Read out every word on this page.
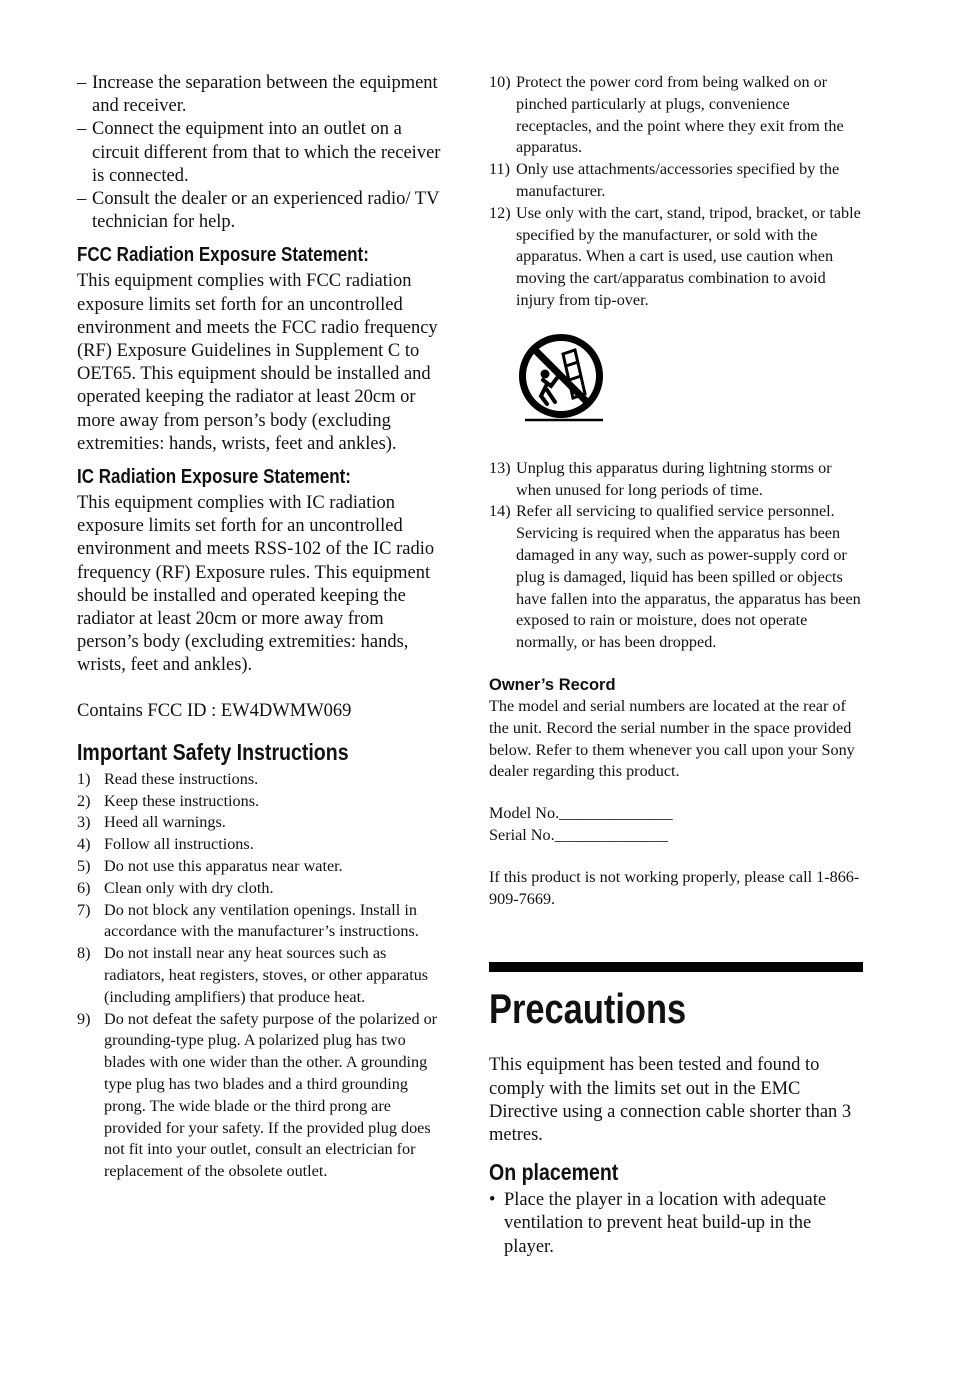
– Increase the separation between the equipment and receiver.
– Connect the equipment into an outlet on a circuit different from that to which the receiver is connected.
– Consult the dealer or an experienced radio/ TV technician for help.
FCC Radiation Exposure Statement:
This equipment complies with FCC radiation exposure limits set forth for an uncontrolled environment and meets the FCC radio frequency (RF) Exposure Guidelines in Supplement C to OET65. This equipment should be installed and operated keeping the radiator at least 20cm or more away from person’s body (excluding extremities: hands, wrists, feet and ankles).
IC Radiation Exposure Statement:
This equipment complies with IC radiation exposure limits set forth for an uncontrolled environment and meets RSS-102 of the IC radio frequency (RF) Exposure rules. This equipment should be installed and operated keeping the radiator at least 20cm or more away from person’s body (excluding extremities: hands, wrists, feet and ankles).
Contains FCC ID : EW4DWMW069
Important Safety Instructions
1) Read these instructions.
2) Keep these instructions.
3) Heed all warnings.
4) Follow all instructions.
5) Do not use this apparatus near water.
6) Clean only with dry cloth.
7) Do not block any ventilation openings. Install in accordance with the manufacturer’s instructions.
8) Do not install near any heat sources such as radiators, heat registers, stoves, or other apparatus (including amplifiers) that produce heat.
9) Do not defeat the safety purpose of the polarized or grounding-type plug. A polarized plug has two blades with one wider than the other. A grounding type plug has two blades and a third grounding prong. The wide blade or the third prong are provided for your safety. If the provided plug does not fit into your outlet, consult an electrician for replacement of the obsolete outlet.
10) Protect the power cord from being walked on or pinched particularly at plugs, convenience receptacles, and the point where they exit from the apparatus.
11) Only use attachments/accessories specified by the manufacturer.
12) Use only with the cart, stand, tripod, bracket, or table specified by the manufacturer, or sold with the apparatus. When a cart is used, use caution when moving the cart/apparatus combination to avoid injury from tip-over.
13) Unplug this apparatus during lightning storms or when unused for long periods of time.
14) Refer all servicing to qualified service personnel. Servicing is required when the apparatus has been damaged in any way, such as power-supply cord or plug is damaged, liquid has been spilled or objects have fallen into the apparatus, the apparatus has been exposed to rain or moisture, does not operate normally, or has been dropped.
Owner’s Record
The model and serial numbers are located at the rear of the unit. Record the serial number in the space provided below. Refer to them whenever you call upon your Sony dealer regarding this product.
Model No.______________
Serial No.______________
If this product is not working properly, please call 1-866-909-7669.
Precautions
This equipment has been tested and found to comply with the limits set out in the EMC Directive using a connection cable shorter than 3 metres.
On placement
• Place the player in a location with adequate ventilation to prevent heat build-up in the player.
